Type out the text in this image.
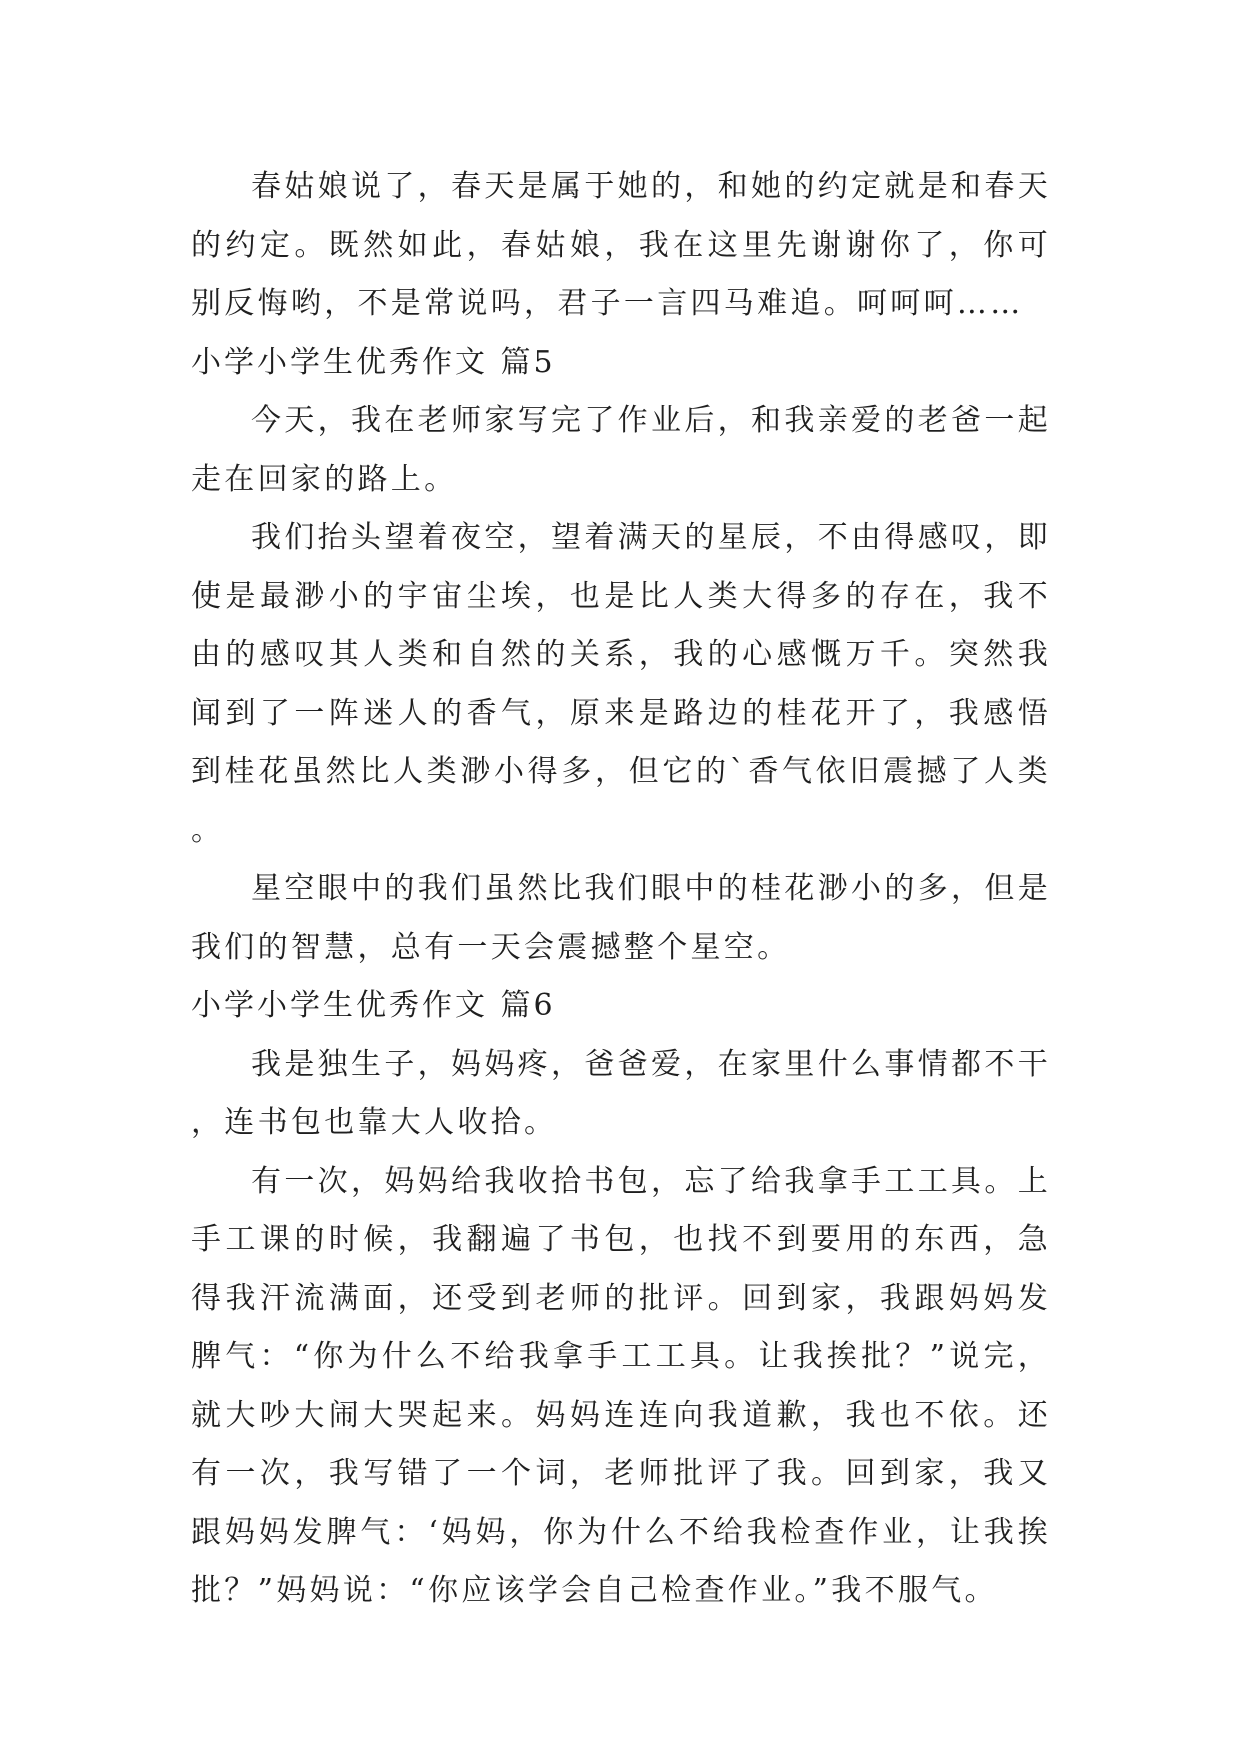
春姑娘说了，春天是属于她的，和她的约定就是和春天的约定。既然如此，春姑娘，我在这里先谢谢你了，你可别反悔哟，不是常说吗，君子一言四马难追。呵呵呵……

小学小学生优秀作文 篇5

今天，我在老师家写完了作业后，和我亲爱的老爸一起走在回家的路上。

我们抬头望着夜空，望着满天的星辰，不由得感叹，即使是最渺小的宇宙尘埃，也是比人类大得多的存在，我不由的感叹其人类和自然的关系，我的心感慨万千。突然我闻到了一阵迷人的香气，原来是路边的桂花开了，我感悟到桂花虽然比人类渺小得多，但它的`香气依旧震撼了人类。

星空眼中的我们虽然比我们眼中的桂花渺小的多，但是我们的智慧，总有一天会震撼整个星空。

小学小学生优秀作文 篇6

我是独生子，妈妈疼，爸爸爱，在家里什么事情都不干，连书包也靠大人收拾。

有一次，妈妈给我收拾书包，忘了给我拿手工工具。上手工课的时候，我翻遍了书包，也找不到要用的东西，急得我汗流满面，还受到老师的批评。回到家，我跟妈妈发脾气：“你为什么不给我拿手工工具。让我挨批？”说完，就大吵大闹大哭起来。妈妈连连向我道歉，我也不依。还有一次，我写错了一个词，老师批评了我。回到家，我又跟妈妈发脾气：‘妈妈，你为什么不给我检查作业，让我挨批？”妈妈说：“你应该学会自己检查作业。”我不服气。
